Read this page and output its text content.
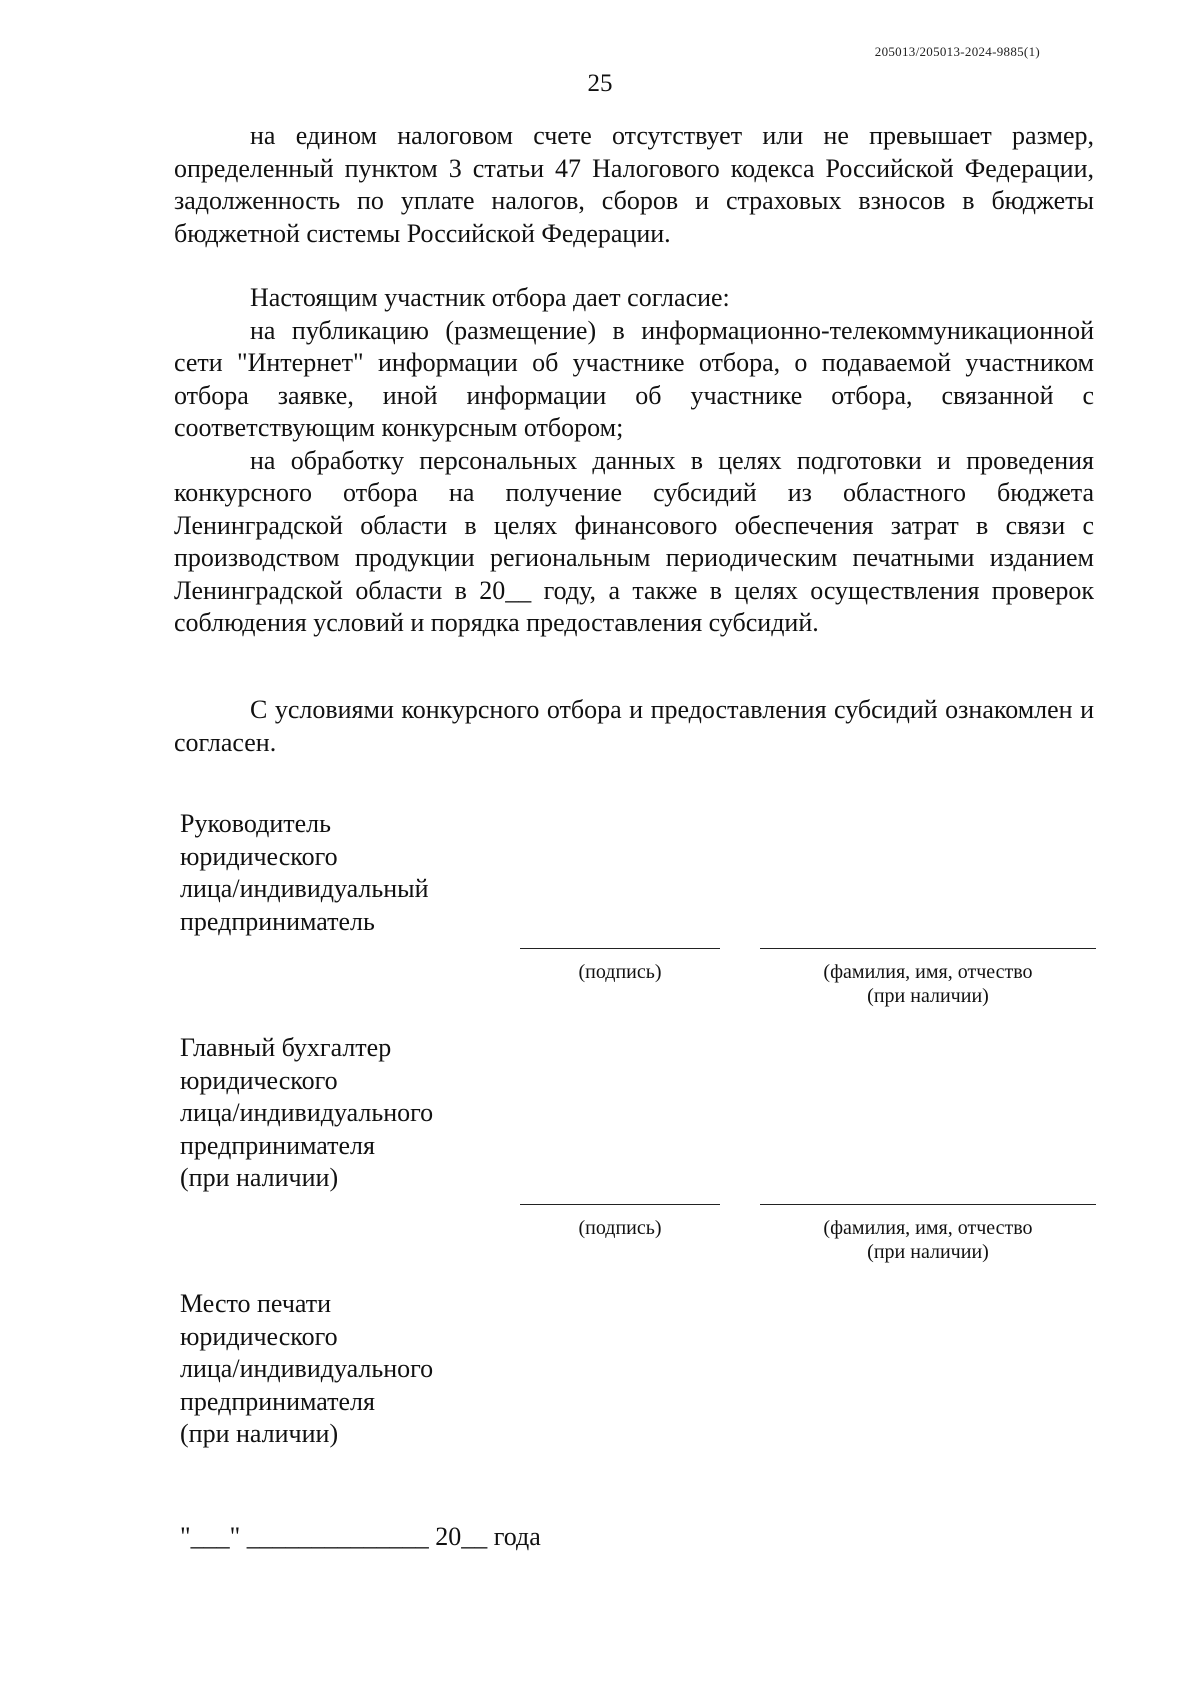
205013/205013-2024-9885(1)
25

на едином налоговом счете отсутствует или не превышает размер, определенный пунктом 3 статьи 47 Налогового кодекса Российской Федерации, задолженность по уплате налогов, сборов и страховых взносов в бюджеты бюджетной системы Российской Федерации.

Настоящим участник отбора дает согласие:

на публикацию (размещение) в информационно-телекоммуникационной сети "Интернет" информации об участнике отбора, о подаваемой участником отбора заявке, иной информации об участнике отбора, связанной с соответствующим конкурсным отбором;

на обработку персональных данных в целях подготовки и проведения конкурсного отбора на получение субсидий из областного бюджета Ленинградской области в целях финансового обеспечения затрат в связи с производством продукции региональным периодическим печатными изданием Ленинградской области в 20__ году, а также в целях осуществления проверок соблюдения условий и порядка предоставления субсидий.

С условиями конкурсного отбора и предоставления субсидий ознакомлен и согласен.

Руководитель
юридического
лица/индивидуальный
предприниматель
(подпись)	(фамилия, имя, отчество
(при наличии)
Главный бухгалтер
юридического
лица/индивидуального
предпринимателя
(при наличии)
(подпись)	(фамилия, имя, отчество
(при наличии)
Место печати
юридического
лица/индивидуального
предпринимателя
(при наличии)
"___" ______________ 20__ года
